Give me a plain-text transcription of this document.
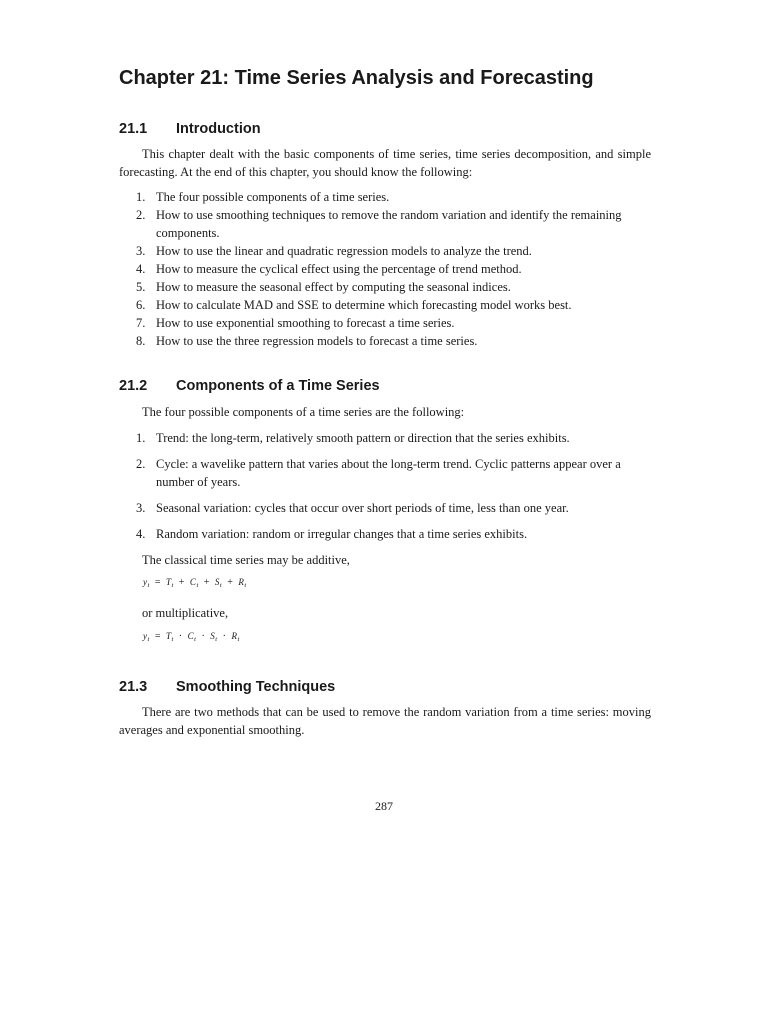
Chapter 21: Time Series Analysis and Forecasting
21.1 Introduction

This chapter dealt with the basic components of time series, time series decomposition, and simple forecasting. At the end of this chapter, you should know the following:

1. The four possible components of a time series.
2. How to use smoothing techniques to remove the random variation and identify the remaining components.
3. How to use the linear and quadratic regression models to analyze the trend.
4. How to measure the cyclical effect using the percentage of trend method.
5. How to measure the seasonal effect by computing the seasonal indices.
6. How to calculate MAD and SSE to determine which forecasting model works best.
7. How to use exponential smoothing to forecast a time series.
8. How to use the three regression models to forecast a time series.
21.2 Components of a Time Series

The four possible components of a time series are the following:

1. Trend: the long-term, relatively smooth pattern or direction that the series exhibits.
2. Cycle: a wavelike pattern that varies about the long-term trend. Cyclic patterns appear over a number of years.
3. Seasonal variation: cycles that occur over short periods of time, less than one year.
4. Random variation: random or irregular changes that a time series exhibits.

The classical time series may be additive,

$y_t = T_t + C_t + S_t + R_t$

or multiplicative,

$y_t = T_t \cdot C_t \cdot S_t \cdot R_t$
21.3 Smoothing Techniques

There are two methods that can be used to remove the random variation from a time series: moving averages and exponential smoothing.

287
